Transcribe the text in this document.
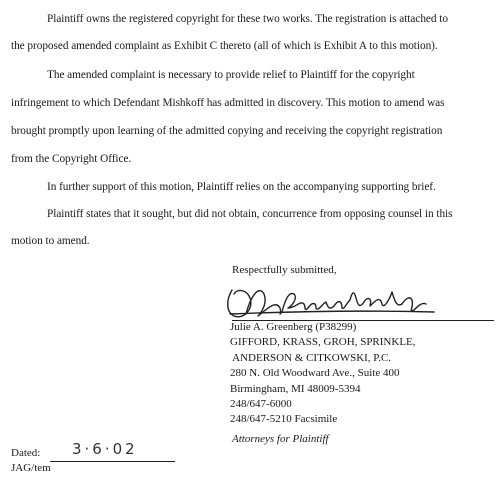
Plaintiff owns the registered copyright for these two works. The registration is attached to
the proposed amended complaint as Exhibit C thereto (all of which is Exhibit A to this motion).
The amended complaint is necessary to provide relief to Plaintiff for the copyright
infringement to which Defendant Mishkoff has admitted in discovery. This motion to amend was
brought promptly upon learning of the admitted copying and receiving the copyright registration
from the Copyright Office.
In further support of this motion, Plaintiff relies on the accompanying supporting brief.
Plaintiff states that it sought, but did not obtain, concurrence from opposing counsel in this
motion to amend.
Respectfully submitted,
Julie A. Greenberg (P38299)
GIFFORD, KRASS, GROH, SPRINKLE,
ANDERSON & CITKOWSKI, P.C.
280 N. Old Woodward Ave., Suite 400
Birmingham, MI 48009-5394
248/647-6000
248/647-5210 Facsimile
Attorneys for Plaintiff
Dated: 3·6·02
JAG/tem
